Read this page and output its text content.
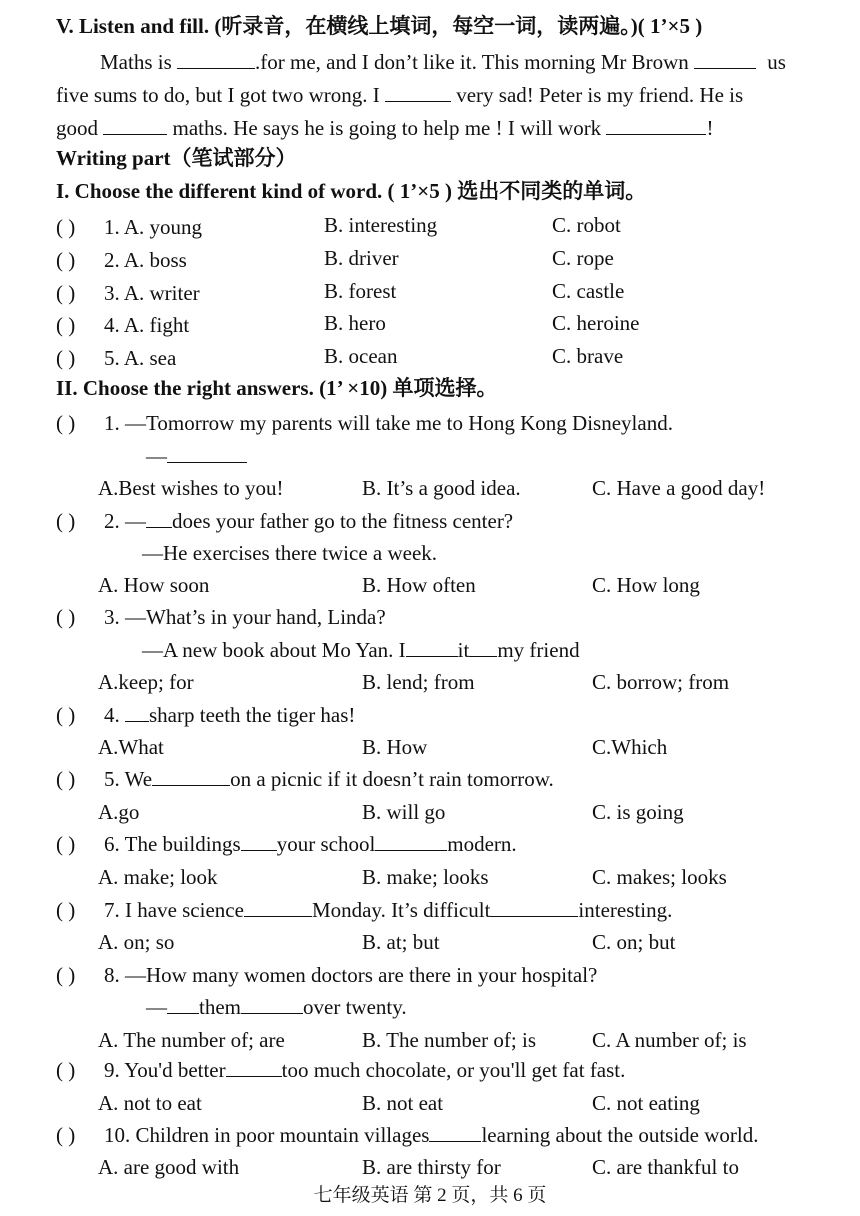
V. Listen and fill. (听录音，在横线上填词，每空一词，读两遍。)( 1’×5 )
Maths is	.for me, and I don’t like it. This morning Mr Brown	us
five sums to do, but I got two wrong. I	very sad! Peter is my friend. He is
good	maths. He says he is going to help me ! I will work	!
Writing part（笔试部分）
I. Choose the different kind of word. ( 1’×5 ) 选出不同类的单词。
( ) 1. A. young	B. interesting	C. robot
( ) 2. A. boss	B. driver	C. rope
( ) 3. A. writer	B. forest	C. castle
( ) 4. A. fight	B. hero	C. heroine
( ) 5. A. sea	B. ocean	C. brave
II. Choose the right answers. (1’ ×10) 单项选择。
( ) 1. —Tomorrow my parents will take me to Hong Kong Disneyland.
—
A.Best wishes to you!	B. It’s a good idea.	C. Have a good day!
( ) 2. — does your father go to the fitness center?
—He exercises there twice a week.
A. How soon	B. How often	C. How long
( ) 3. —What’s in your hand, Linda?
—A new book about Mo Yan. I it my friend
A.keep; for	B. lend; from	C. borrow; from
( ) 4. sharp teeth the tiger has!
A.What	B. How	C.Which
( ) 5. We	on a picnic if it doesn’t rain tomorrow.
A.go	B. will go	C. is going
( ) 6. The buildings your school	modern.
A. make; look	B. make; looks	C. makes; looks
( ) 7. I have science	Monday. It’s difficult	interesting.
A. on; so	B. at; but	C. on; but
( ) 8. —How many women doctors are there in your hospital?
— them	over twenty.
A. The number of; are	B. The number of; is	C. A number of; is
( ) 9. You'd better	too much chocolate, or you'll get fat fast.
A. not to eat	B. not eat	C. not eating
( ) 10. Children in poor mountain villages learning about the outside world.
A. are good with	B. are thirsty for	C. are thankful to
七年级英语 第 2 页，共 6 页
